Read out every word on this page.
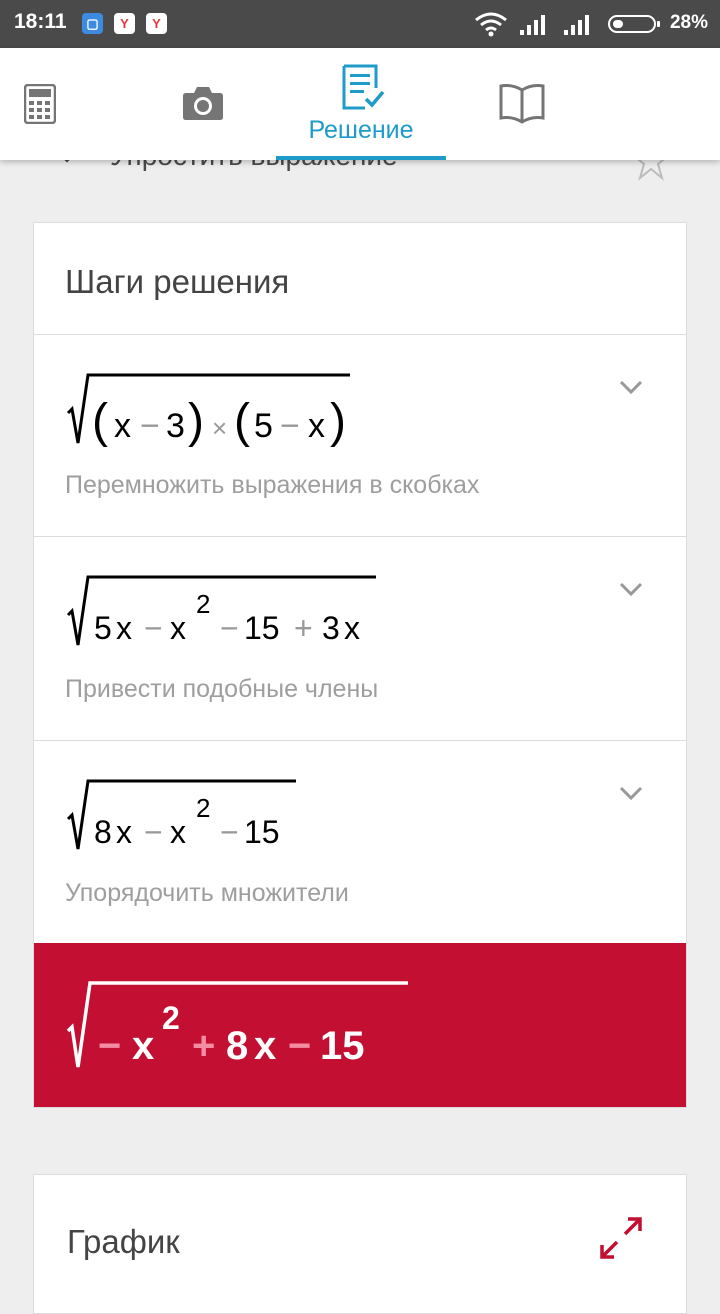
18:11	▢	Y	Y	28%
Решение
Шаги решения
( x − 3) × ( 5 − x )
Перемножить выражения в скобках
5 x − x2− 15 + 3 x
Привести подобные члены
8 x − x2− 15
Упорядочить множители
− x2+ 8 x − 15
График
